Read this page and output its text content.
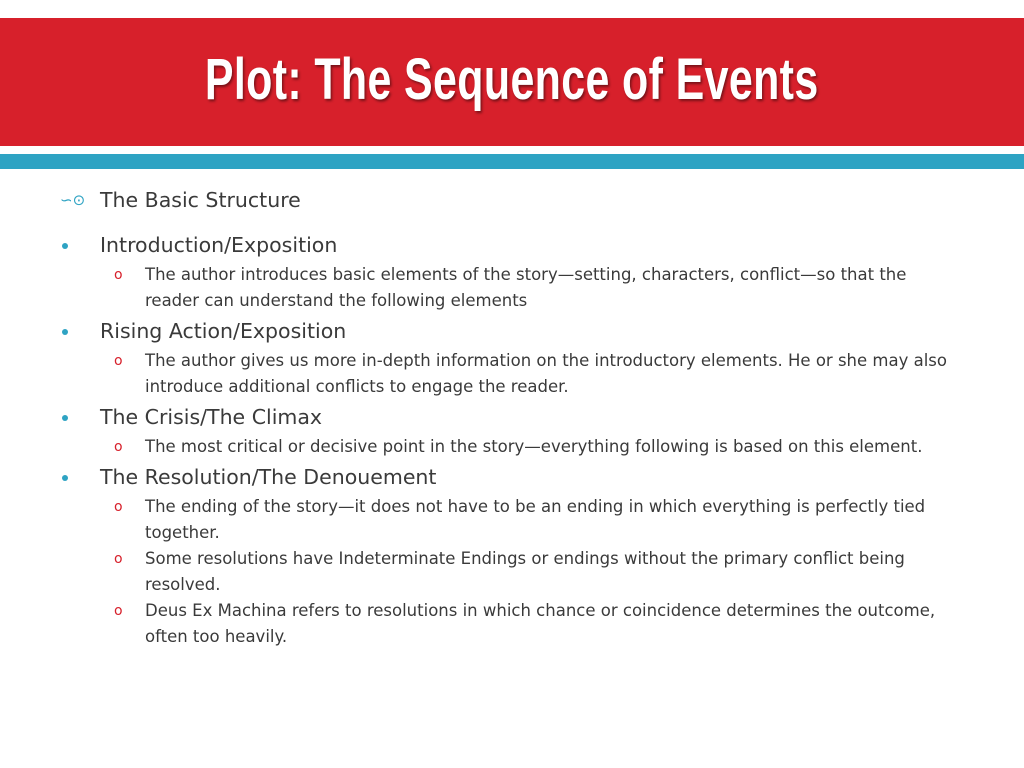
Plot: The Sequence of Events
∽⊙ The Basic Structure
Introduction/Exposition
o The author introduces basic elements of the story—setting, characters, conflict—so that the reader can understand the following elements
Rising Action/Exposition
o The author gives us more in-depth information on the introductory elements. He or she may also introduce additional conflicts to engage the reader.
The Crisis/The Climax
o The most critical or decisive point in the story—everything following is based on this element.
The Resolution/The Denouement
o The ending of the story—it does not have to be an ending in which everything is perfectly tied together.
o Some resolutions have Indeterminate Endings or endings without the primary conflict being resolved.
o Deus Ex Machina refers to resolutions in which chance or coincidence determines the outcome, often too heavily.
